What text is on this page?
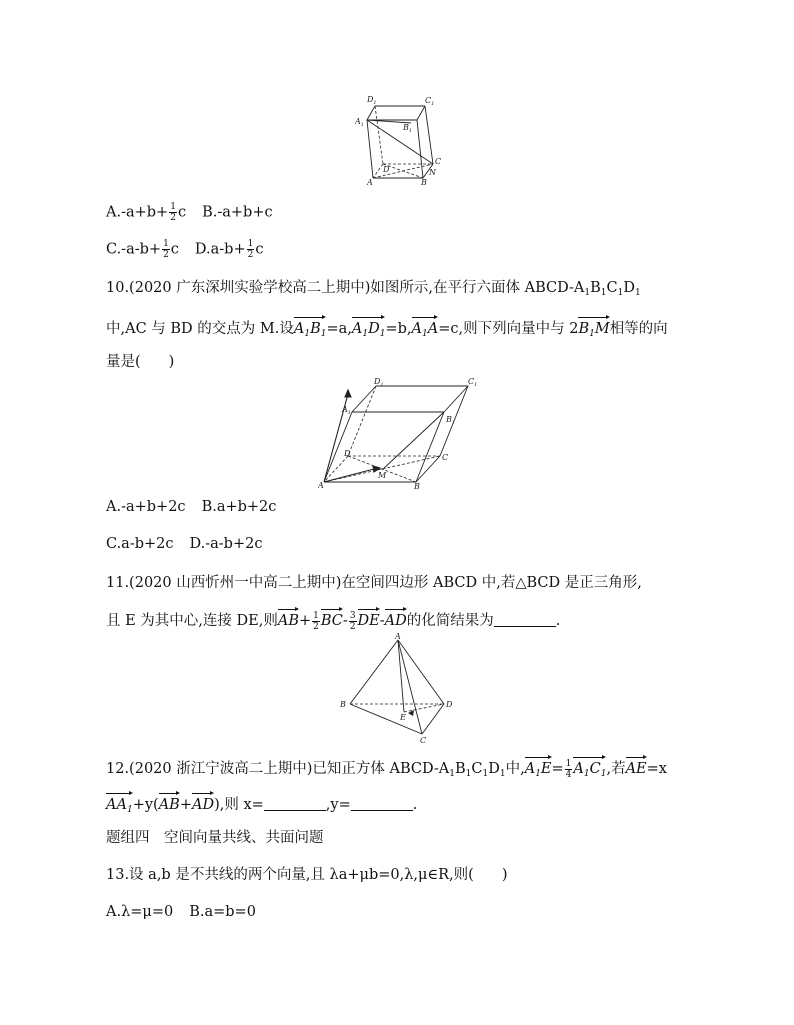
$D_1$	$C_1$
$A_1$	$B_1$
D
C
N
A	B
$A.-a+b+ \frac{1}{2}$ c B.-a+b+c
$C.-a-b+ \frac{1}{2}$ c $D.a-b+ \frac{1}{2}$ c
10.(2020 广东深圳实验学校高二上期中)如图所示,在平行六面体 ABCD-$A_1B_1C_1D_1$
中,AC 与 BD 的交点为 M.设$A_1B_1=a,A_1D_1=b,A_1A=c$,则下列向量中与 $2B_1M$相等的向
量是( )
$D_1$	$C_1$
$A_1$
$B_1$
D	C
M
A	B
A.-a+b+2c B.a+b+2c
C.a-b+2c D.-a-b+2c
11.(2020 山西忻州一中高二上期中)在空间四边形 ABCD 中,若△BCD 是正三角形,
且 E 为其中心,连接 DE,则$AB+ \frac{1}{2} BC- \frac{3}{2} DE-AD$的化简结果为	.
A
B	D
E
C
12.(2020 浙江宁波高二上期中)已知正方体 ABCD-$A_1B_1C_1D_1$中$,A_1E= \frac{1}{4} A_1C_1$,若AE=x
$AA_1+y(AB+AD)$,则 x=	,y=	.
题组四　空间向量共线、共面问题
13.设 a,b 是不共线的两个向量,且 λa+μb=0,λ,μ∈R,则( )
A.λ=μ=0 B.a=b=0
